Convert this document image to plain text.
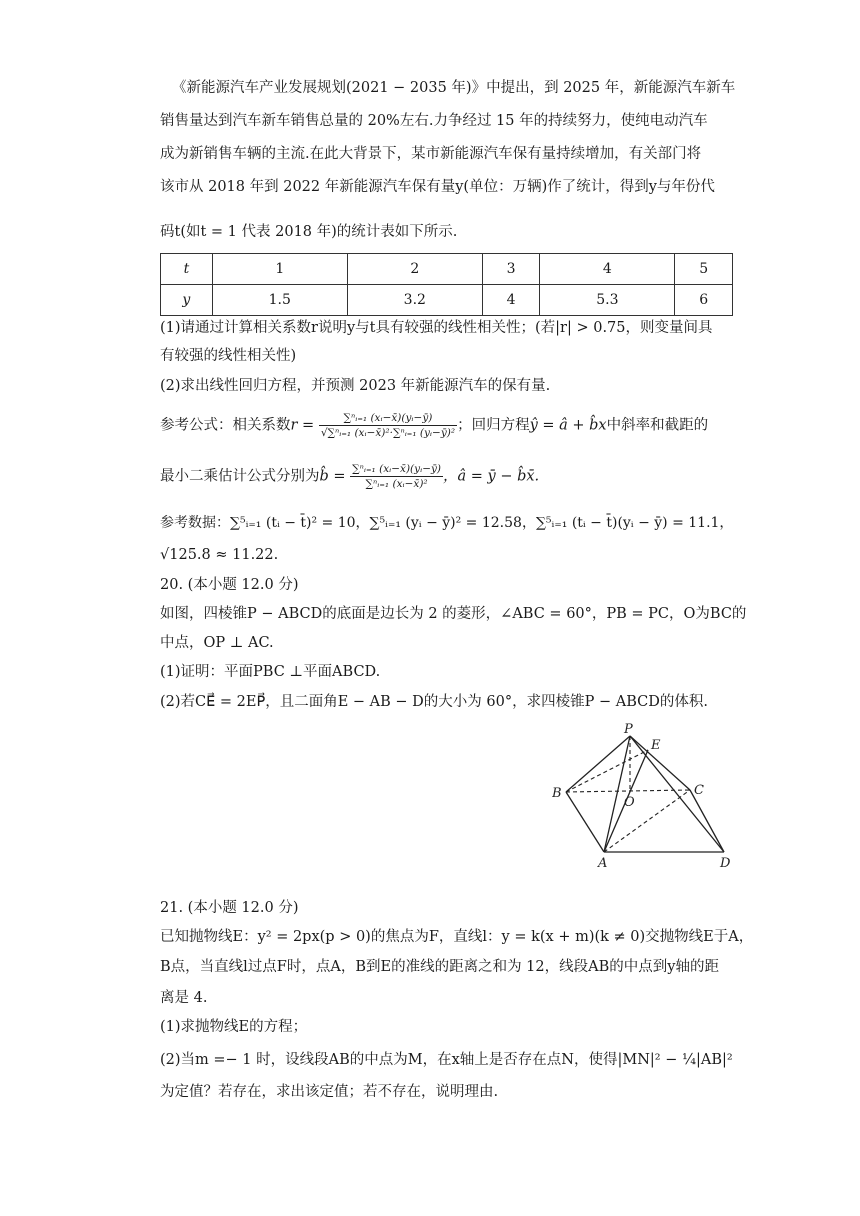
《新能源汽车产业发展规划(2021 − 2035 年)》中提出，到 2025 年，新能源汽车新车
销售量达到汽车新车销售总量的 20%左右.力争经过 15 年的持续努力，使纯电动汽车
成为新销售车辆的主流.在此大背景下，某市新能源汽车保有量持续增加，有关部门将
该市从 2018 年到 2022 年新能源汽车保有量y(单位：万辆)作了统计，得到y与年份代
码t(如t = 1 代表 2018 年)的统计表如下所示.
t	1	2	3	4	5
y	1.5	3.2	4	5.3	6
(1)请通过计算相关系数r说明y与t具有较强的线性相关性；(若|r| > 0.75，则变量间具
有较强的线性相关性)
(2)求出线性回归方程，并预测 2023 年新能源汽车的保有量.
参考公式：相关系数$r = \frac{\text{∑ⁿᵢ₌₁ (xᵢ−x̄)(yᵢ−ȳ)}}{\text{√∑ⁿᵢ₌₁ (xᵢ−x̄)²·∑ⁿᵢ₌₁ (yᵢ−ȳ)²}}$ ；回归方程ŷ = â + b̂x中斜率和截距的
最小二乘估计公式分别为b̂ = $\frac{\text{∑ⁿᵢ₌₁ (xᵢ−x̄)(yᵢ−ȳ)}}{\text{∑ⁿᵢ₌₁ (xᵢ−x̄)²}}$ ，â = ȳ − b̂x̄.
参考数据：∑⁵ᵢ₌₁ (tᵢ − t̄)² = 10，∑⁵ᵢ₌₁ (yᵢ − ȳ)² = 12.58，∑⁵ᵢ₌₁ (tᵢ − t̄)(yᵢ − ȳ) = 11.1，
√125.8 ≈ 11.22.
20. (本小题 12.0 分)
如图，四棱锥P − ABCD的底面是边长为 2 的菱形，∠ABC = 60°，PB = PC，O为BC的
中点，OP ⊥ AC.
(1)证明：平面PBC ⊥平面ABCD.
(2)若CE⃗ = 2EP⃗，且二面角E − AB − D的大小为 60°，求四棱锥P − ABCD的体积.
P
E
B	C
O
A	D
21. (本小题 12.0 分)
已知抛物线E：y² = 2px(p > 0)的焦点为F，直线l：y = k(x + m)(k ≠ 0)交抛物线E于A，
B点，当直线l过点F时，点A，B到E的准线的距离之和为 12，线段AB的中点到y轴的距
离是 4.
(1)求抛物线E的方程；
(2)当m =− 1 时，设线段AB的中点为M，在x轴上是否存在点N，使得|MN|² − ¼|AB|²
为定值？若存在，求出该定值；若不存在，说明理由.
